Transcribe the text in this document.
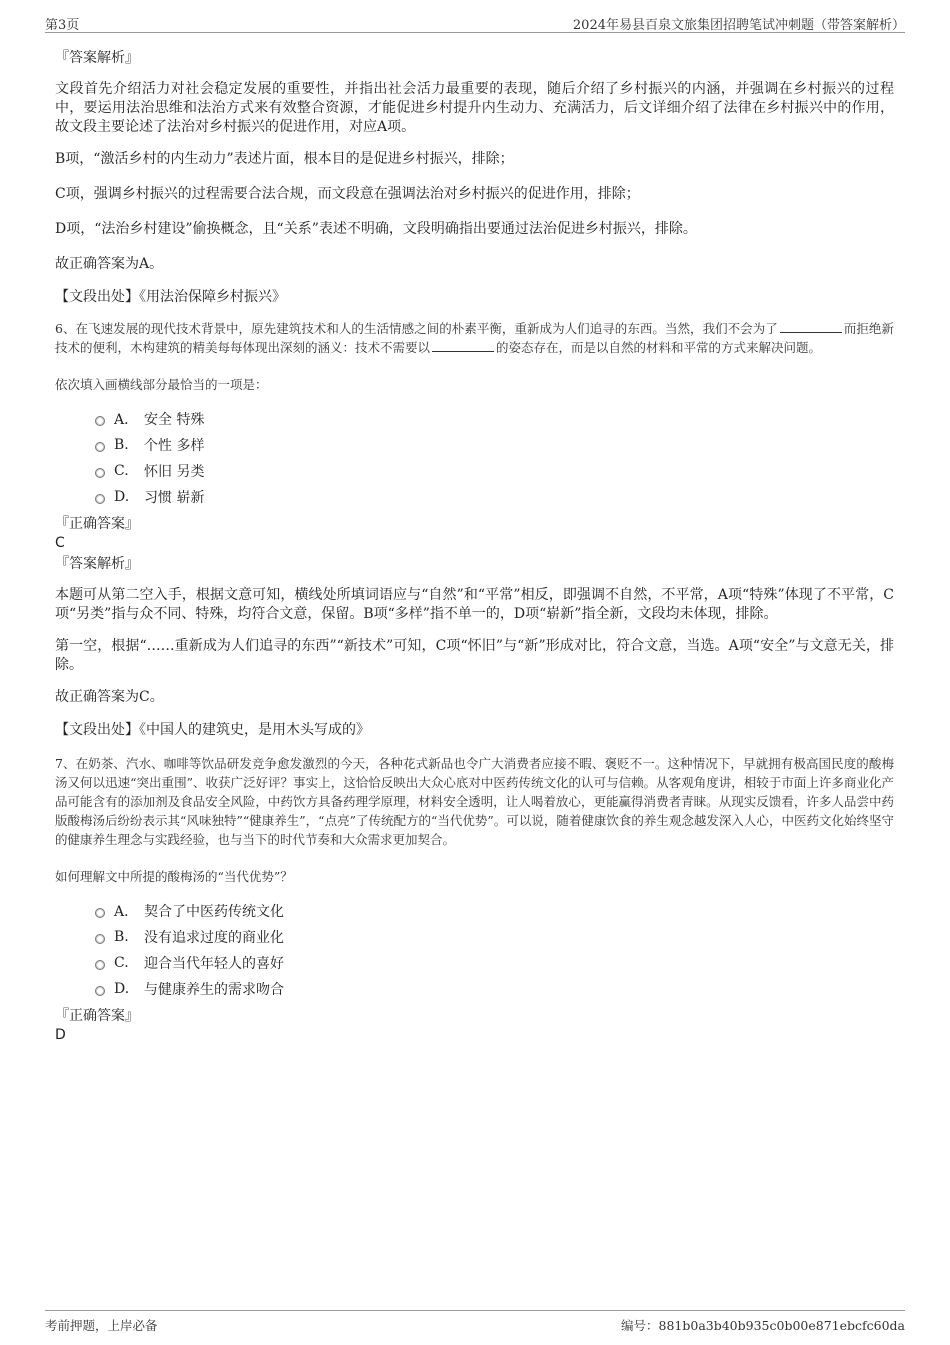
第3页	2024年易县百泉文旅集团招聘笔试冲刺题（带答案解析）
『答案解析』

文段首先介绍活力对社会稳定发展的重要性，并指出社会活力最重要的表现，随后介绍了乡村振兴的内涵，并强调在乡村振兴的过程中，要运用法治思维和法治方式来有效整合资源，才能促进乡村提升内生动力、充满活力，后文详细介绍了法律在乡村振兴中的作用，故文段主要论述了法治对乡村振兴的促进作用，对应A项。

B项，“激活乡村的内生动力”表述片面，根本目的是促进乡村振兴，排除；

C项，强调乡村振兴的过程需要合法合规，而文段意在强调法治对乡村振兴的促进作用，排除；

D项，“法治乡村建设”偷换概念，且“关系”表述不明确，文段明确指出要通过法治促进乡村振兴，排除。

故正确答案为A。

【文段出处】《用法治保障乡村振兴》

6、在飞速发展的现代技术背景中，原先建筑技术和人的生活情感之间的朴素平衡，重新成为人们追寻的东西。当然，我们不会为了	而拒绝新技术的便利，木构建筑的精美每每体现出深刻的涵义：技术不需要以	的姿态存在，而是以自然的材料和平常的方式来解决问题。

依次填入画横线部分最恰当的一项是：

A． 安全 特殊
B.	个性 多样
C.	怀旧 另类
D.	习惯 崭新
『正确答案』
C
『答案解析』

本题可从第二空入手，根据文意可知，横线处所填词语应与“自然”和“平常”相反，即强调不自然，不平常，A项“特殊”体现了不平常，C项“另类”指与众不同、特殊，均符合文意，保留。B项“多样”指不单一的，D项“崭新”指全新，文段均未体现，排除。

第一空，根据“……重新成为人们追寻的东西”“新技术”可知，C项“怀旧”与“新”形成对比，符合文意，当选。A项“安全”与文意无关，排除。

故正确答案为C。

【文段出处】《中国人的建筑史，是用木头写成的》

7、在奶茶、汽水、咖啡等饮品研发竞争愈发激烈的今天，各种花式新品也令广大消费者应接不暇、褒贬不一。这种情况下，早就拥有极高国民度的酸梅汤又何以迅速“突出重围”、收获广泛好评？事实上，这恰恰反映出大众心底对中医药传统文化的认可与信赖。从客观角度讲，相较于市面上许多商业化产品可能含有的添加剂及食品安全风险，中药饮方具备药理学原理，材料安全透明，让人喝着放心，更能赢得消费者青睐。从现实反馈看，许多人品尝中药版酸梅汤后纷纷表示其“风味独特”“健康养生”，“点亮”了传统配方的“当代优势”。可以说，随着健康饮食的养生观念越发深入人心，中医药文化始终坚守的健康养生理念与实践经验，也与当下的时代节奏和大众需求更加契合。

如何理解文中所提的酸梅汤的“当代优势”？

A． 契合了中医药传统文化
B.	没有追求过度的商业化
C.	迎合当代年轻人的喜好
D.	与健康养生的需求吻合
『正确答案』
D
考前押题，上岸必备	编号：881b0a3b40b935c0b00e871ebcfc60da
